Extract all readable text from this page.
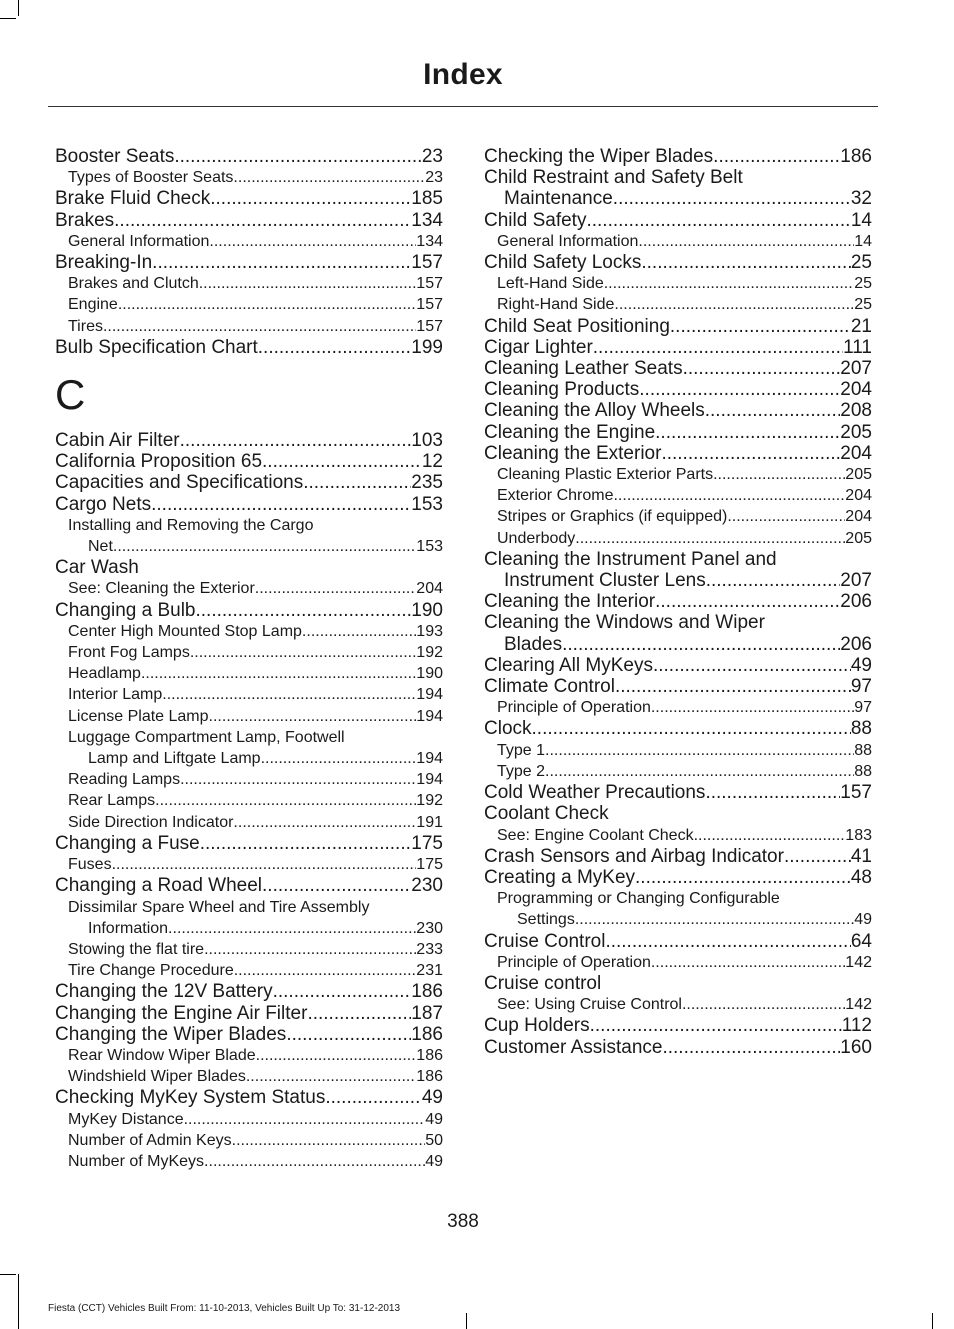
Index
Booster Seats .....	23
Types of Booster Seats .....	23
Brake Fluid Check .....	185
Brakes .....	134
General Information .....	134
Breaking-In .....	157
Brakes and Clutch .....	157
Engine .....	157
Tires .....	157
Bulb Specification Chart .....	199
C
Cabin Air Filter .....	103
California Proposition 65 .....	12
Capacities and Specifications .....	235
Cargo Nets .....	153
Installing and Removing the Cargo
Net .....	153
Car Wash
See: Cleaning the Exterior .....	204
Changing a Bulb .....	190
Center High Mounted Stop Lamp .....	193
Front Fog Lamps .....	192
Headlamp .....	190
Interior Lamp .....	194
License Plate Lamp .....	194
Luggage Compartment Lamp, Footwell
Lamp and Liftgate Lamp .....	194
Reading Lamps .....	194
Rear Lamps .....	192
Side Direction Indicator .....	191
Changing a Fuse .....	175
Fuses .....	175
Changing a Road Wheel .....	230
Dissimilar Spare Wheel and Tire Assembly
Information .....	230
Stowing the flat tire .....	233
Tire Change Procedure .....	231
Changing the 12V Battery .....	186
Changing the Engine Air Filter .....	187
Changing the Wiper Blades .....	186
Rear Window Wiper Blade .....	186
Windshield Wiper Blades .....	186
Checking MyKey System Status .....	49
MyKey Distance .....	49
Number of Admin Keys .....	50
Number of MyKeys .....	49
Checking the Wiper Blades .....	186
Child Restraint and Safety Belt
Maintenance .....	32
Child Safety .....	14
General Information .....	14
Child Safety Locks .....	25
Left-Hand Side .....	25
Right-Hand Side .....	25
Child Seat Positioning .....	21
Cigar Lighter .....	111
Cleaning Leather Seats .....	207
Cleaning Products .....	204
Cleaning the Alloy Wheels .....	208
Cleaning the Engine .....	205
Cleaning the Exterior .....	204
Cleaning Plastic Exterior Parts .....	205
Exterior Chrome .....	204
Stripes or Graphics (if equipped) .....	204
Underbody .....	205
Cleaning the Instrument Panel and
Instrument Cluster Lens .....	207
Cleaning the Interior .....	206
Cleaning the Windows and Wiper
Blades .....	206
Clearing All MyKeys .....	49
Climate Control .....	97
Principle of Operation .....	97
Clock .....	88
Type 1 .....	88
Type 2 .....	88
Cold Weather Precautions .....	157
Coolant Check
See: Engine Coolant Check .....	183
Crash Sensors and Airbag Indicator .....	41
Creating a MyKey .....	48
Programming or Changing Configurable
Settings .....	49
Cruise Control .....	64
Principle of Operation .....	142
Cruise control
See: Using Cruise Control .....	142
Cup Holders .....	112
Customer Assistance .....	160
388
Fiesta (CCT) Vehicles Built From: 11-10-2013, Vehicles Built Up To: 31-12-2013
